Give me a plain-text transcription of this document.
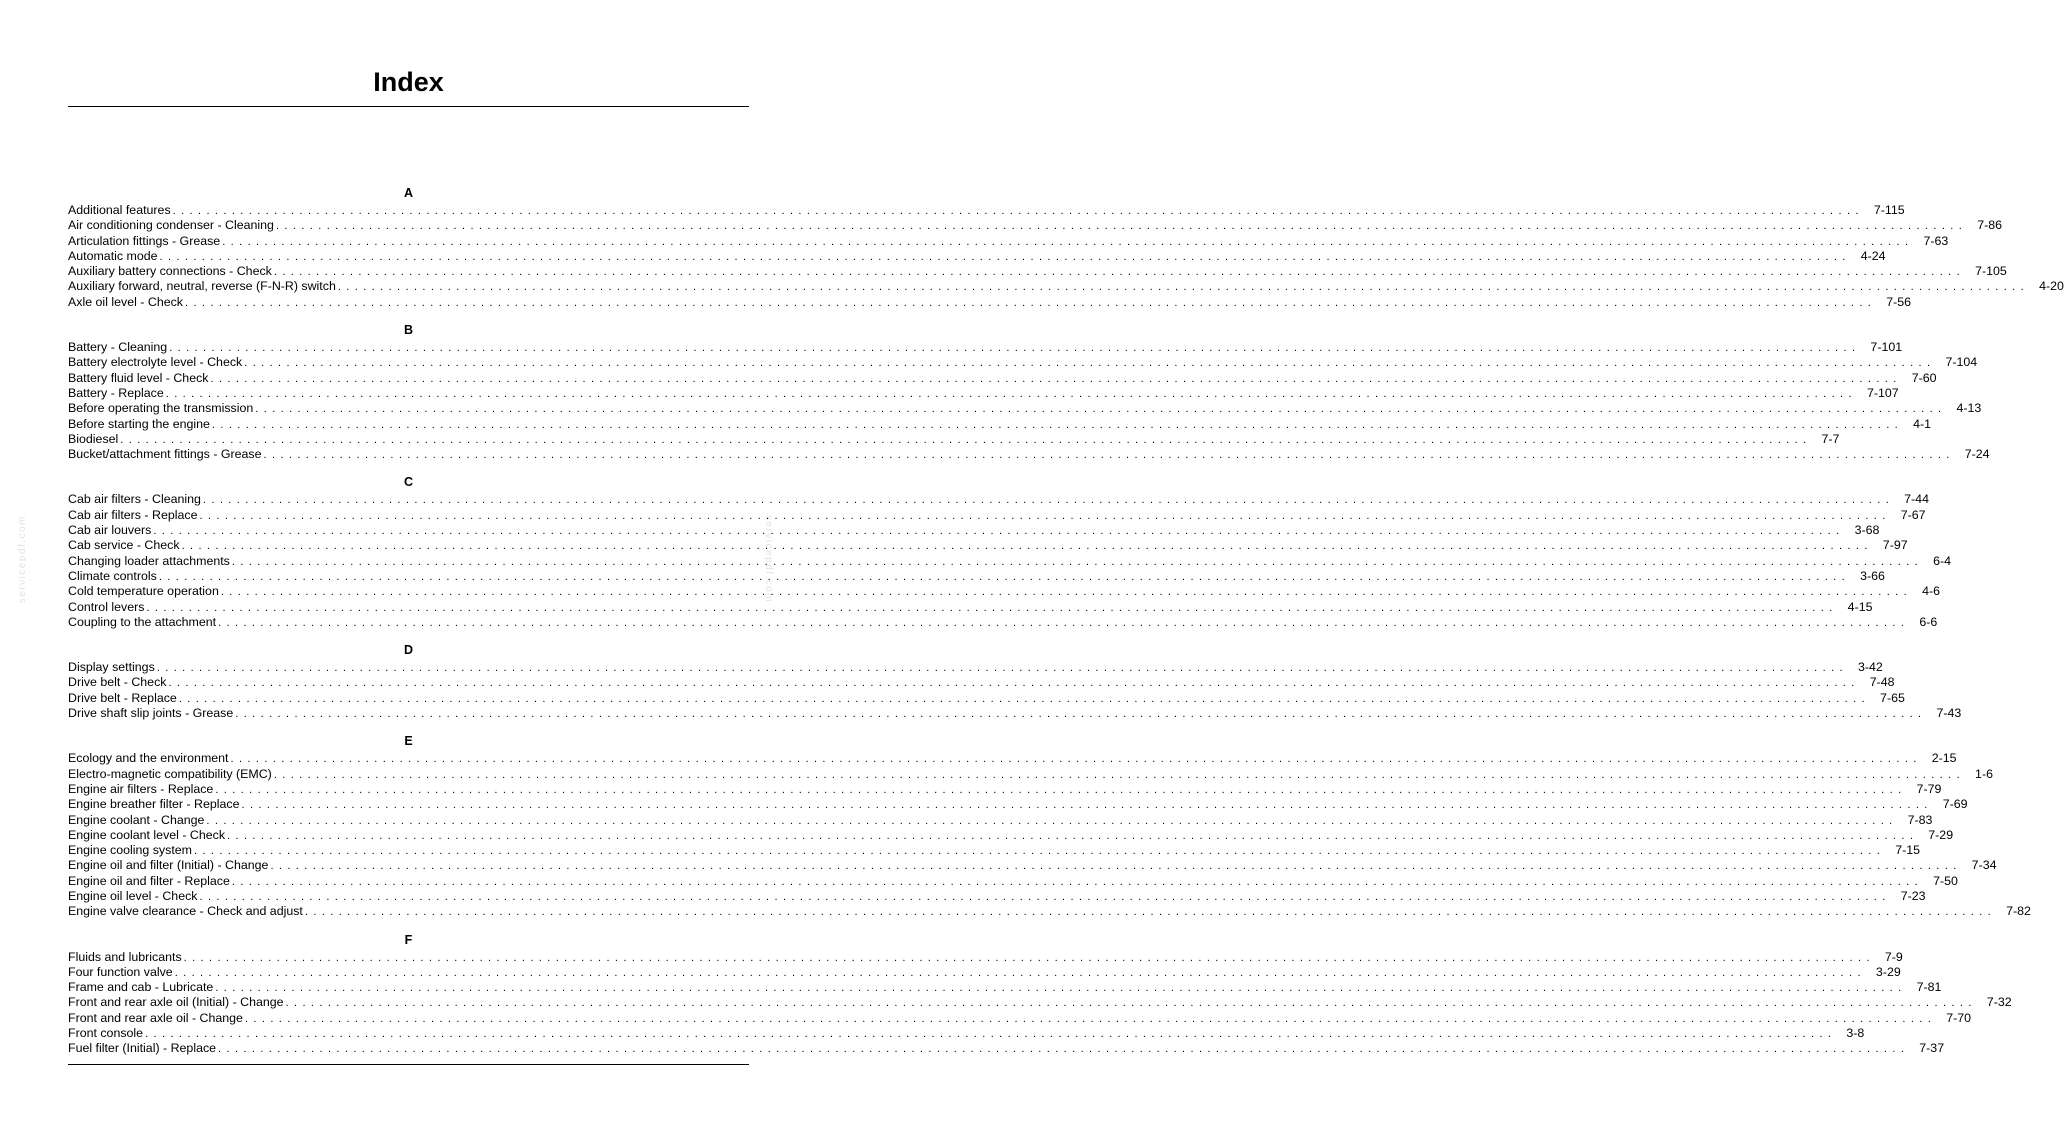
Index
servicepdf.com	servicepdf.com
A
Additional features ........................................................................................................................................................................................................ 7-115
Air conditioning condenser - Cleaning ........................................................................................................................................................................................................ 7-86
Articulation fittings - Grease ........................................................................................................................................................................................................ 7-63
Automatic mode ........................................................................................................................................................................................................ 4-24
Auxiliary battery connections - Check ........................................................................................................................................................................................................ 7-105
Auxiliary forward, neutral, reverse (F-N-R) switch ........................................................................................................................................................................................................ 4-20
Axle oil level - Check ........................................................................................................................................................................................................ 7-56
B
Battery - Cleaning ........................................................................................................................................................................................................ 7-101
Battery electrolyte level - Check ........................................................................................................................................................................................................ 7-104
Battery fluid level - Check ........................................................................................................................................................................................................ 7-60
Battery - Replace ........................................................................................................................................................................................................ 7-107
Before operating the transmission ........................................................................................................................................................................................................ 4-13
Before starting the engine ........................................................................................................................................................................................................ 4-1
Biodiesel ........................................................................................................................................................................................................ 7-7
Bucket/attachment fittings - Grease ........................................................................................................................................................................................................ 7-24
C
Cab air filters - Cleaning ........................................................................................................................................................................................................ 7-44
Cab air filters - Replace ........................................................................................................................................................................................................ 7-67
Cab air louvers ........................................................................................................................................................................................................ 3-68
Cab service - Check ........................................................................................................................................................................................................ 7-97
Changing loader attachments ........................................................................................................................................................................................................ 6-4
Climate controls ........................................................................................................................................................................................................ 3-66
Cold temperature operation ........................................................................................................................................................................................................ 4-6
Control levers ........................................................................................................................................................................................................ 4-15
Coupling to the attachment ........................................................................................................................................................................................................ 6-6
D
Display settings ........................................................................................................................................................................................................ 3-42
Drive belt - Check ........................................................................................................................................................................................................ 7-48
Drive belt - Replace ........................................................................................................................................................................................................ 7-65
Drive shaft slip joints - Grease ........................................................................................................................................................................................................ 7-43
E
Ecology and the environment ........................................................................................................................................................................................................ 2-15
Electro-magnetic compatibility (EMC) ........................................................................................................................................................................................................ 1-6
Engine air filters - Replace ........................................................................................................................................................................................................ 7-79
Engine breather filter - Replace ........................................................................................................................................................................................................ 7-69
Engine coolant - Change ........................................................................................................................................................................................................ 7-83
Engine coolant level - Check ........................................................................................................................................................................................................ 7-29
Engine cooling system ........................................................................................................................................................................................................ 7-15
Engine oil and filter (Initial) - Change ........................................................................................................................................................................................................ 7-34
Engine oil and filter - Replace ........................................................................................................................................................................................................ 7-50
Engine oil level - Check ........................................................................................................................................................................................................ 7-23
Engine valve clearance - Check and adjust ........................................................................................................................................................................................................ 7-82
F
Fluids and lubricants ........................................................................................................................................................................................................ 7-9
Four function valve ........................................................................................................................................................................................................ 3-29
Frame and cab - Lubricate ........................................................................................................................................................................................................ 7-81
Front and rear axle oil (Initial) - Change ........................................................................................................................................................................................................ 7-32
Front and rear axle oil - Change ........................................................................................................................................................................................................ 7-70
Front console ........................................................................................................................................................................................................ 3-8
Fuel filter (Initial) - Replace ........................................................................................................................................................................................................ 7-37
